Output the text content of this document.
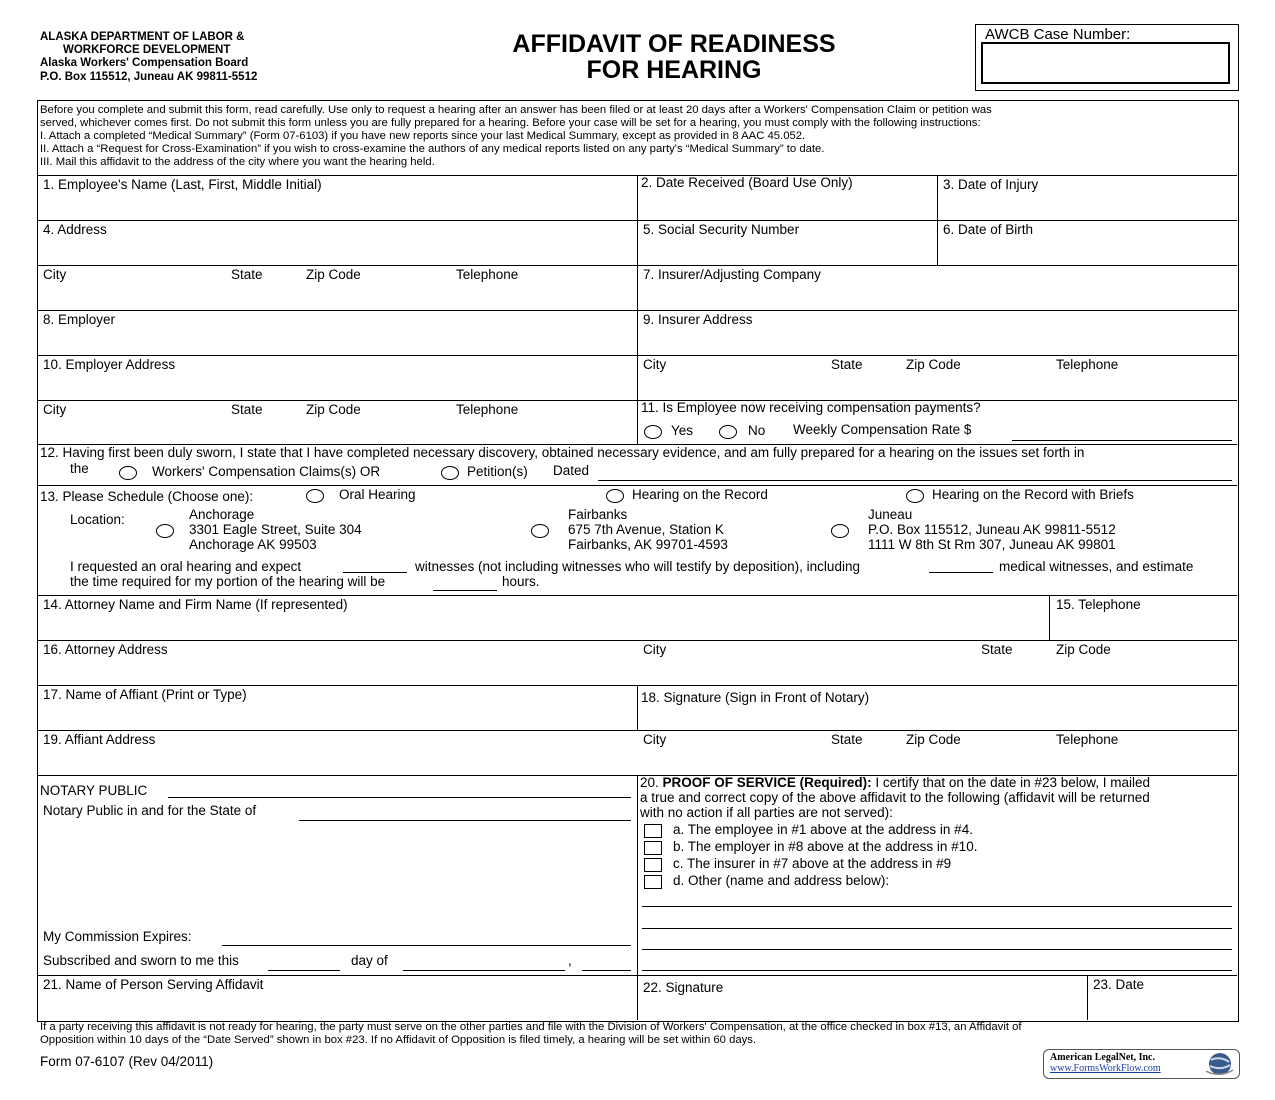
ALASKA DEPARTMENT OF LABOR &
WORKFORCE DEVELOPMENT
Alaska Workers' Compensation Board
P.O. Box 115512, Juneau AK 99811-5512
AFFIDAVIT OF READINESS
FOR HEARING
AWCB Case Number:
Before you complete and submit this form, read carefully. Use only to request a hearing after an answer has been filed or at least 20 days after a Workers' Compensation Claim or petition was
served, whichever comes first. Do not submit this form unless you are fully prepared for a hearing. Before your case will be set for a hearing, you must comply with the following instructions:
I. Attach a completed “Medical Summary” (Form 07-6103) if you have new reports since your last Medical Summary, except as provided in 8 AAC 45.052.
II. Attach a “Request for Cross-Examination” if you wish to cross-examine the authors of any medical reports listed on any party's “Medical Summary” to date.
III. Mail this affidavit to the address of the city where you want the hearing held.
1. Employee's Name (Last, First, Middle Initial)	2. Date Received (Board Use Only)	3. Date of Injury
4. Address	5. Social Security Number	6. Date of Birth
City	State	Zip Code	Telephone	7. Insurer/Adjusting Company
8. Employer	9. Insurer Address
10. Employer Address	City	State	Zip Code	Telephone
City	State	Zip Code	Telephone	11. Is Employee now receiving compensation payments?
Yes	No Weekly Compensation Rate $
12. Having first been duly sworn, I state that I have completed necessary discovery, obtained necessary evidence, and am fully prepared for a hearing on the issues set forth in
the	Workers' Compensation Claims(s) OR	Petition(s) Dated
13. Please Schedule (Choose one):	Oral Hearing	Hearing on the Record	Hearing on the Record with Briefs
Location:	Anchorage
3301 Eagle Street, Suite 304
Anchorage AK 99503
Fairbanks
675 7th Avenue, Station K
Fairbanks, AK 99701-4593
Juneau
P.O. Box 115512, Juneau AK 99811-5512
1111 W 8th St Rm 307, Juneau AK 99801
I requested an oral hearing and expect	witnesses (not including witnesses who will testify by deposition), including	medical witnesses, and estimate
the time required for my portion of the hearing will be	hours.
14. Attorney Name and Firm Name (If represented)	15. Telephone
16. Attorney Address	City	State	Zip Code
17. Name of Affiant (Print or Type)	18. Signature (Sign in Front of Notary)
19. Affiant Address	City	State	Zip Code	Telephone
NOTARY PUBLIC
Notary Public in and for the State of
My Commission Expires:
Subscribed and sworn to me this	day of	,
20. PROOF OF SERVICE (Required): I certify that on the date in #23 below, I mailed
a true and correct copy of the above affidavit to the following (affidavit will be returned
with no action if all parties are not served):
a. The employee in #1 above at the address in #4.
b. The employer in #8 above at the address in #10.
c. The insurer in #7 above at the address in #9
d. Other (name and address below):
21. Name of Person Serving Affidavit	22. Signature	23. Date
If a party receiving this affidavit is not ready for hearing, the party must serve on the other parties and file with the Division of Workers' Compensation, at the office checked in box #13, an Affidavit of
Opposition within 10 days of the “Date Served” shown in box #23. If no Affidavit of Opposition is filed timely, a hearing will be set within 60 days.
Form 07-6107 (Rev 04/2011)	American LegalNet, Inc.
www.FormsWorkFlow.com
